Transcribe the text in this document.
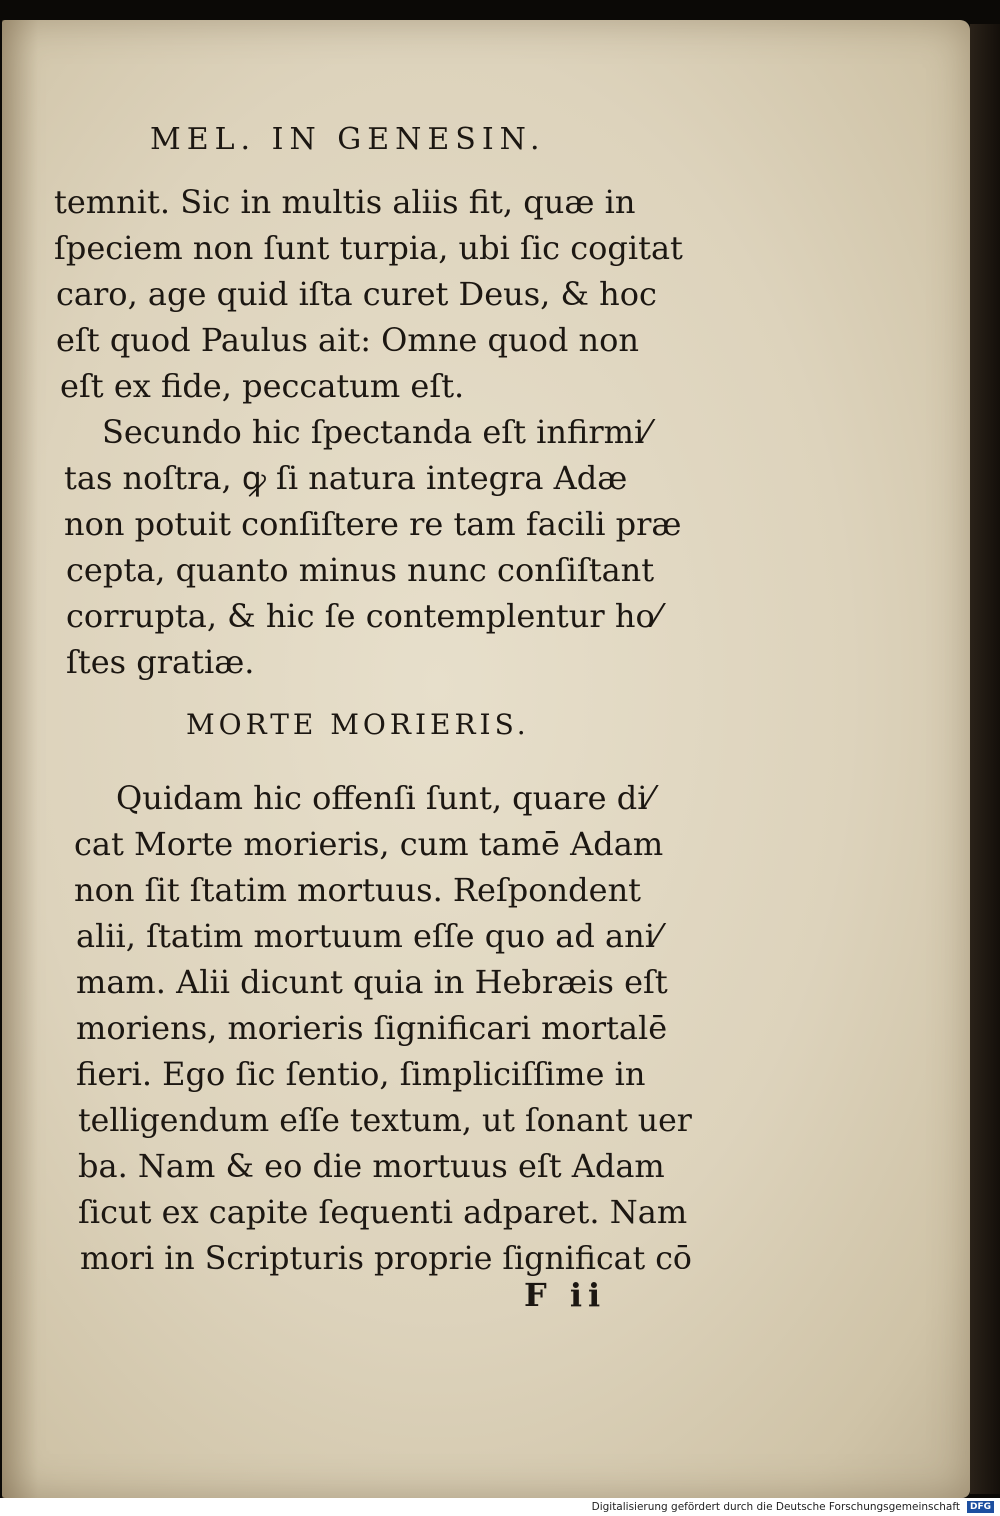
MEL. IN GENESIN.
temnit. Sic in multis aliis fit, quæ in
ſpeciem non ſunt turpia, ubi ſic cogitat
caro, age quid iſta curet Deus, & hoc
eſt quod Paulus ait: Omne quod non
eſt ex fide, peccatum eſt.
Secundo hic ſpectanda eſt infirmi⁄
tas noſtra, ꝙ ſi natura integra Adæ
non potuit conſiſtere re tam facili præ
cepta, quanto minus nunc conſiſtant
corrupta, & hic ſe contemplentur ho⁄
ſtes gratiæ.
MORTE MORIERIS.
Quidam hic offenſi ſunt, quare di⁄
cat Morte morieris, cum tamē Adam
non ſit ſtatim mortuus. Reſpondent
alii, ſtatim mortuum eſſe quo ad ani⁄
mam. Alii dicunt quia in Hebræis eſt
moriens, morieris ſignificari mortalē
fieri. Ego ſic ſentio, ſimpliciſſime in
telligendum eſſe textum, ut ſonant uer
ba. Nam & eo die mortuus eſt Adam
ſicut ex capite ſequenti adparet. Nam
mori in Scripturis proprie ſignificat cō
F ii
Digitalisierung gefördert durch die Deutsche Forschungsgemeinschaft	DFG
